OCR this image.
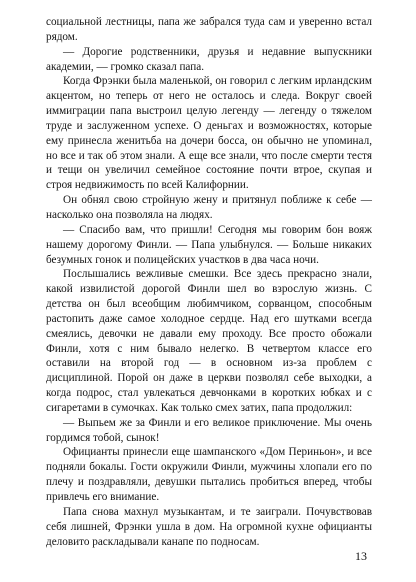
социальной лестницы, папа же забрался туда сам и уверенно встал рядом.

— Дорогие родственники, друзья и недавние выпускники академии, — громко сказал папа.

Когда Фрэнки была маленькой, он говорил с легким ирландским акцентом, но теперь от него не осталось и следа. Вокруг своей иммиграции папа выстроил целую легенду — легенду о тяжелом труде и заслуженном успехе. О деньгах и возможностях, которые ему принесла женитьба на дочери босса, он обычно не упоминал, но все и так об этом знали. А еще все знали, что после смерти тестя и тещи он увеличил семейное состояние почти втрое, скупая и строя недвижимость по всей Калифорнии.

Он обнял свою стройную жену и притянул поближе к себе — насколько она позволяла на людях.

— Спасибо вам, что пришли! Сегодня мы говорим бон вояж нашему дорогому Финли. — Папа улыбнулся. — Больше никаких безумных гонок и полицейских участков в два часа ночи.

Послышались вежливые смешки. Все здесь прекрасно знали, какой извилистой дорогой Финли шел во взрослую жизнь. С детства он был всеобщим любимчиком, сорванцом, способным растопить даже самое холодное сердце. Над его шутками всегда смеялись, девочки не давали ему проходу. Все просто обожали Финли, хотя с ним бывало нелегко. В четвертом классе его оставили на второй год — в основном из-за проблем с дисциплиной. Порой он даже в церкви позволял себе выходки, а когда подрос, стал увлекаться девчонками в коротких юбках и с сигаретами в сумочках. Как только смех затих, папа продолжил:

— Выпьем же за Финли и его великое приключение. Мы очень гордимся тобой, сынок!

Официанты принесли еще шампанского «Дом Периньон», и все подняли бокалы. Гости окружили Финли, мужчины хлопали его по плечу и поздравляли, девушки пытались пробиться вперед, чтобы привлечь его внимание.

Папа снова махнул музыкантам, и те заиграли. Почувствовав себя лишней, Фрэнки ушла в дом. На огромной кухне официанты деловито раскладывали канапе по подносам.

13
